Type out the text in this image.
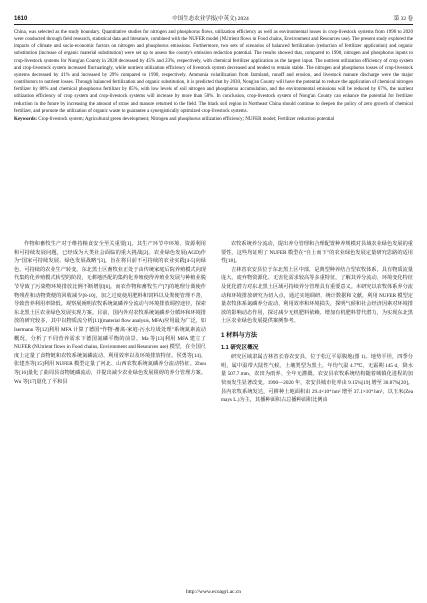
1610	中国生态农业学报(中英文) 2024	第 32 卷

China, was selected as the study boundary. Quantitative studies for nitrogen and phosphorus flows, utilization efficiency as well as environmental losses in crop-livestock systems from 1990 to 2020 were conducted through field research, statistical data and literature, combined with the NUFER model (NUtrient flows in Food chains, Environment and Resources use). The present study explored the impacts of climate and socio-economic factors on nitrogen and phosphorus emissions. Furthermore, two sets of scenarios of balanced fertilization (reduction of fertilizer application) and organic substitution (increase of organic material substitution) were set up to assess the county's emission reduction potential. The results showed that, compared to 1990, nitrogen and phosphorus inputs to crop-livestock systems for Nong'an County in 2020 decreased by 45% and 23%, respectively, with chemical fertilizer application as the largest input. The nutrient utilization efficiency of crop system and crop-livestock system increased fluctuatingly, while nutrient utilization efficiency of livestock system decreased and tended to remain stable. The nitrogen and phosphorus losses of crop-livestock systems decreased by 41% and increased by 29% compared to 1990, respectively. Ammonia volatilization from farmland, runoff and erosion, and livestock manure discharge were the major contributors to nutrient losses. Through balanced fertilization and organic substitution, it is predicted that by 2030, Nong'an County will have the potential to reduce the application of chemical nitrogen fertilizer by 80% and chemical phosphorus fertilizer by 85%, with low levels of soil nitrogen and phosphorus accumulation, and the environmental emissions will be reduced by 67%, the nutrient utilization efficiency of crop system and crop-livestock systems will increase by more than 50%. In conclusion, crop-livestock system of Nong'an County can enhance the potential for fertilizer reduction in the future by increasing the amount of straw and manure returned to the field. The black soil region in Northeast China should continue to deepen the policy of zero growth of chemical fertilizer, and promote the utilization of organic waste to guarantee a synergistically optimized crop-livestock systems.

Keywords: Crop-livestock system; Agricultural green development; Nitrogen and phosphorus utilization efficiency; NUFER model; Fertilizer reduction potential

作物和畜牧生产对于维持粮食安全至关重要[1]。其生产环节中环境、资源利用和可持续发展问题，已经成为大类社会面临的重大挑战[2]。农业绿色发展(AGD)作为“国家可持续发展、绿色发展战略”[3]，旨在将目前不可持续的农业实践[4-5]向绿色、可持续的农业生产转变。东北黑土区畜牧业正处于由传统家庭后院养殖模式向现代集约化养殖模式转型的阶段，无耕地匹配的集约化养殖使得养殖业发展与种植业脱节导致了污染物环境排放比例不断增加[6]。而农作物和畜牧生产[7]的地理分离使作物残茬和动物粪便的回收减少[8-10]，加之过度使用肥料和饲料以及粪便管理不善，导致营养利用率降低。观察展阐明农牧系统氮磷养分流动与环境排放调控途径，探索东北黑土区农业绿色发展实现方案。目前，国内外对农牧系统氮磷养分循环和环境排放的研究较多，其中以物质流分析[11](material flow analysis, MFA)应用最为广泛。如 Isermann 等[12]利用 MFA 计算了德国“作物-畜禽-家庭-污水垃圾处理”系统氮素流动概况，分析了不同营养需求下德国氮磷平衡的前景。Ma 等[13]利用 MFA 建立了 NUFER (NUtrient flows in Food chains, Environment and Resources use) 模型，在全国尺度上定量了食物链和农牧系统氮磷流动、利用效率以及环境排放特征。侯勇等[14]、张建杰等[15]利用 NUFER 模型定量了河北、山西农牧系统氮磷养分流动特征。Zhou 等[16]量化了曲周县食物链磷流动，并提出减少农业绿色发展阻碍的养分管理方案。Wu 等[17]量化了平和县

农牧系统养分流动，提出养分管理和合理配置种养规模对县域农业绿色发展的重要性。这些均证明了 NUFER 模型在“自上而下”的农业绿色发展定量研究思路的适用性[18]。

吉林省农安县位于东北黑土区中部，是典型种养结合型农牧体系，具有物质流量庞大、废弃物资源化、无害化需求较高等多重特征，了解其养分流动、环境变化特征及优化潜力对东北黑土区域可持续养分管理具有重要意义。本研究以农牧体系养分流动和环境排放研究为切入点，通过实地调研、统计数据和文献，利用 NUFER 模型定量农牧体系氮磷养分流动、利用效率和环境损失，探明气候和社会经济因素对环境排放的影响动态作用，探讨减少无机肥料依赖、增加有机肥料替代潜力，为实现东北黑土区农业绿色发展提供案例参考。

1 材料与方法
1.1 研究区概况

研究区域隶属吉林省长春农安县，位于松辽平原腹地(图 1)。地势平坦，四季分明，属中温带大陆性气候。土壤类型为黑土，年均气温 4.7℃，无霜期 145 d，降水量 507.7 mm，农田为雨养、全年无灌溉。农安县农牧系统结构随着城镇化进程的加快而发生显著改变。1990—2020 年，农安县城市化率由 9.15%[19] 增至 30.87%[20]。县内农牧系统发达，可耕种土地面积由 29.4×10⁴ hm² 增至 37.1×10⁴ hm²，以玉米(Zea mays L.)为主，其播种面积占总播种面积比例由

http://www.ecoagri.ac.cn
